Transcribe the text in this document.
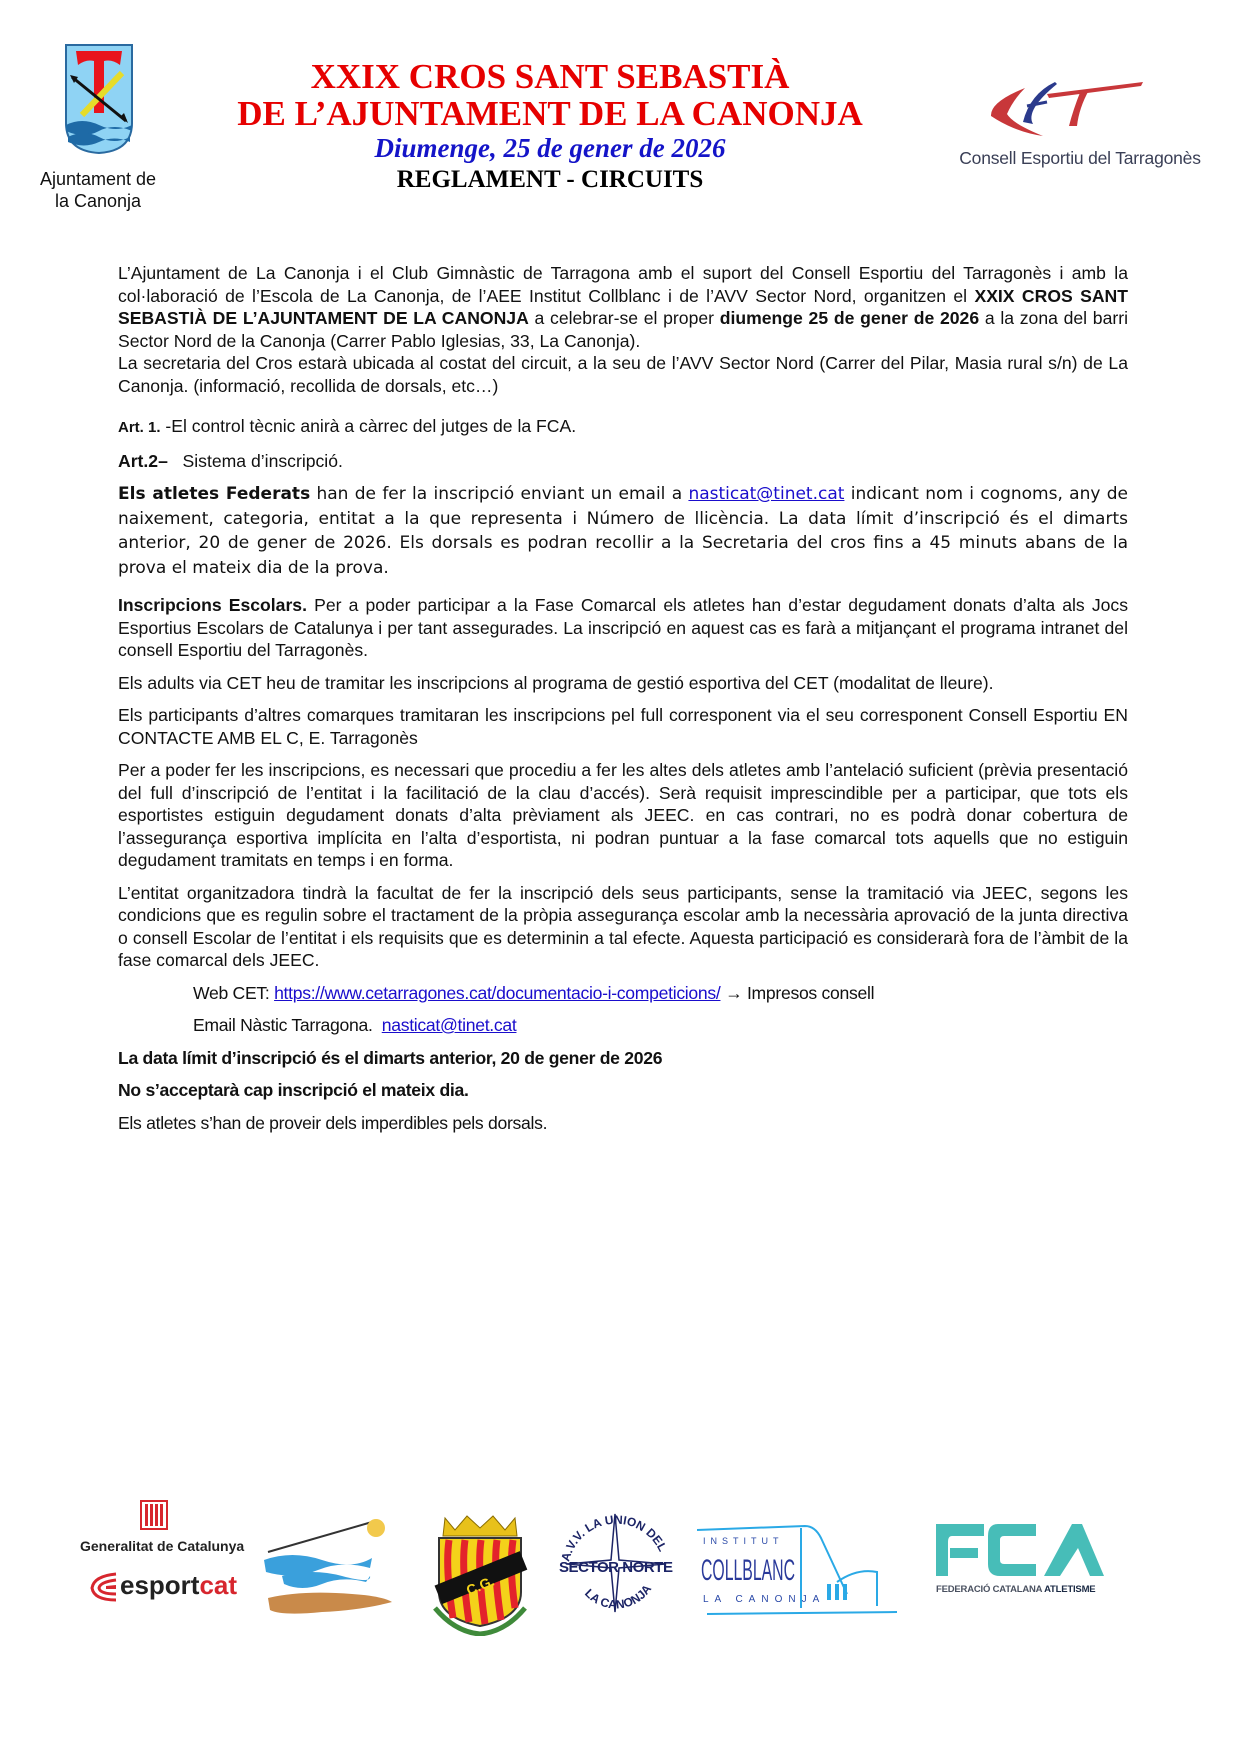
Ajuntament de
la Canonja
XXIX CROS SANT SEBASTIÀ
DE L’AJUNTAMENT DE LA CANONJA
Diumenge, 25 de gener de 2026
REGLAMENT - CIRCUITS
Consell Esportiu del Tarragonès

L’Ajuntament de La Canonja i el Club Gimnàstic de Tarragona amb el suport del Consell Esportiu del Tarragonès i amb la col·laboració de l’Escola de La Canonja, de l’AEE Institut Collblanc i de l’AVV Sector Nord, organitzen el XXIX CROS SANT SEBASTIÀ DE L’AJUNTAMENT DE LA CANONJA a celebrar-se el proper diumenge 25 de gener de 2026 a la zona del barri Sector Nord de la Canonja (Carrer Pablo Iglesias, 33, La Canonja).

La secretaria del Cros estarà ubicada al costat del circuit, a la seu de l’AVV Sector Nord (Carrer del Pilar, Masia rural s/n) de La Canonja. (informació, recollida de dorsals, etc…)

Art. 1. -El control tècnic anirà a càrrec del jutges de la FCA.

Art.2–   Sistema d’inscripció.

Els atletes Federats han de fer la inscripció enviant un email a nasticat@tinet.cat indicant nom i cognoms, any de naixement, categoria, entitat a la que representa i Número de llicència. La data límit d’inscripció és el dimarts anterior, 20 de gener de 2026. Els dorsals es podran recollir a la Secretaria del cros fins a 45 minuts abans de la prova el mateix dia de la prova.

Inscripcions Escolars. Per a poder participar a la Fase Comarcal els atletes han d’estar degudament donats d’alta als Jocs Esportius Escolars de Catalunya i per tant assegurades. La inscripció en aquest cas es farà a mitjançant el programa intranet del consell Esportiu del Tarragonès.

Els adults via CET heu de tramitar les inscripcions al programa de gestió esportiva del CET (modalitat de lleure).

Els participants d’altres comarques tramitaran les inscripcions pel full corresponent via el seu corresponent Consell Esportiu EN CONTACTE AMB EL C, E. Tarragonès

Per a poder fer les inscripcions, es necessari que procediu a fer les altes dels atletes amb l’antelació suficient (prèvia presentació del full d’inscripció de l’entitat i la facilitació de la clau d’accés). Serà requisit imprescindible per a participar, que tots els esportistes estiguin degudament donats d’alta prèviament als JEEC. en cas contrari, no es podrà donar cobertura de l’assegurança esportiva implícita en l’alta d’esportista, ni podran puntuar a la fase comarcal tots aquells que no estiguin degudament tramitats en temps i en forma.

L’entitat organitzadora tindrà la facultat de fer la inscripció dels seus participants, sense la tramitació via JEEC, segons les condicions que es regulin sobre el tractament de la pròpia assegurança escolar amb la necessària aprovació de la junta directiva o consell Escolar de l’entitat i els requisits que es determinin a tal efecte. Aquesta participació es considerarà fora de l’àmbit de la fase comarcal dels JEEC.

Web CET: https://www.cetarragones.cat/documentacio-i-competicions/ → Impresos consell

Email Nàstic Tarragona.  nasticat@tinet.cat

La data límit d’inscripció és el dimarts anterior, 20 de gener de 2026

No s’acceptarà cap inscripció el mateix dia.

Els atletes s’han de proveir dels imperdibles pels dorsals.

Generalitat de Catalunya
esportcat	C.G.
A.V.V. LA UNION DEL
LA CANONJA
SECTOR NORTE
INSTITUT
COLLBLANC
LA CANONJA
FEDERACIÓ CATALANA ATLETISME
